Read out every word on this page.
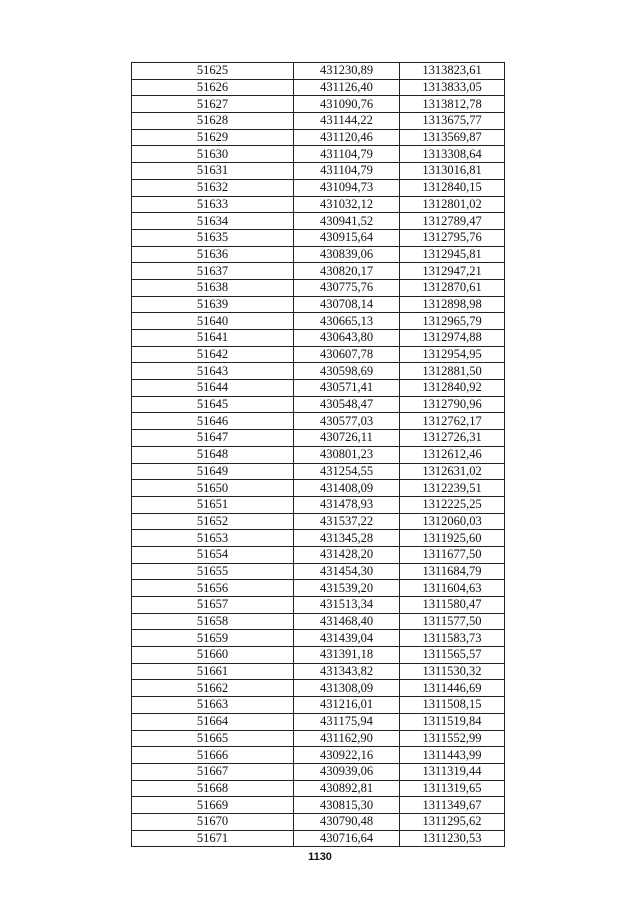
51625	431230,89	1313823,61
51626	431126,40	1313833,05
51627	431090,76	1313812,78
51628	431144,22	1313675,77
51629	431120,46	1313569,87
51630	431104,79	1313308,64
51631	431104,79	1313016,81
51632	431094,73	1312840,15
51633	431032,12	1312801,02
51634	430941,52	1312789,47
51635	430915,64	1312795,76
51636	430839,06	1312945,81
51637	430820,17	1312947,21
51638	430775,76	1312870,61
51639	430708,14	1312898,98
51640	430665,13	1312965,79
51641	430643,80	1312974,88
51642	430607,78	1312954,95
51643	430598,69	1312881,50
51644	430571,41	1312840,92
51645	430548,47	1312790,96
51646	430577,03	1312762,17
51647	430726,11	1312726,31
51648	430801,23	1312612,46
51649	431254,55	1312631,02
51650	431408,09	1312239,51
51651	431478,93	1312225,25
51652	431537,22	1312060,03
51653	431345,28	1311925,60
51654	431428,20	1311677,50
51655	431454,30	1311684,79
51656	431539,20	1311604,63
51657	431513,34	1311580,47
51658	431468,40	1311577,50
51659	431439,04	1311583,73
51660	431391,18	1311565,57
51661	431343,82	1311530,32
51662	431308,09	1311446,69
51663	431216,01	1311508,15
51664	431175,94	1311519,84
51665	431162,90	1311552,99
51666	430922,16	1311443,99
51667	430939,06	1311319,44
51668	430892,81	1311319,65
51669	430815,30	1311349,67
51670	430790,48	1311295,62
51671	430716,64	1311230,53
1130
